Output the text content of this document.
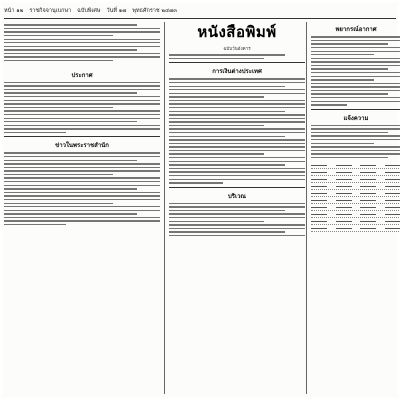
หน้า ๑๒ ราชกิจจานุเบกษา ฉบับพิเศษ วันที่ ๑๗ พุทธศักราช ๒๔๗๓
ประกาศ
ข่าวในพระราชสำนัก
หนังสือพิมพ์
ฉบับวันอังคาร
การเงินต่างประเทศ
บริเวณ
พยากรณ์อากาศ
แจ้งความ
